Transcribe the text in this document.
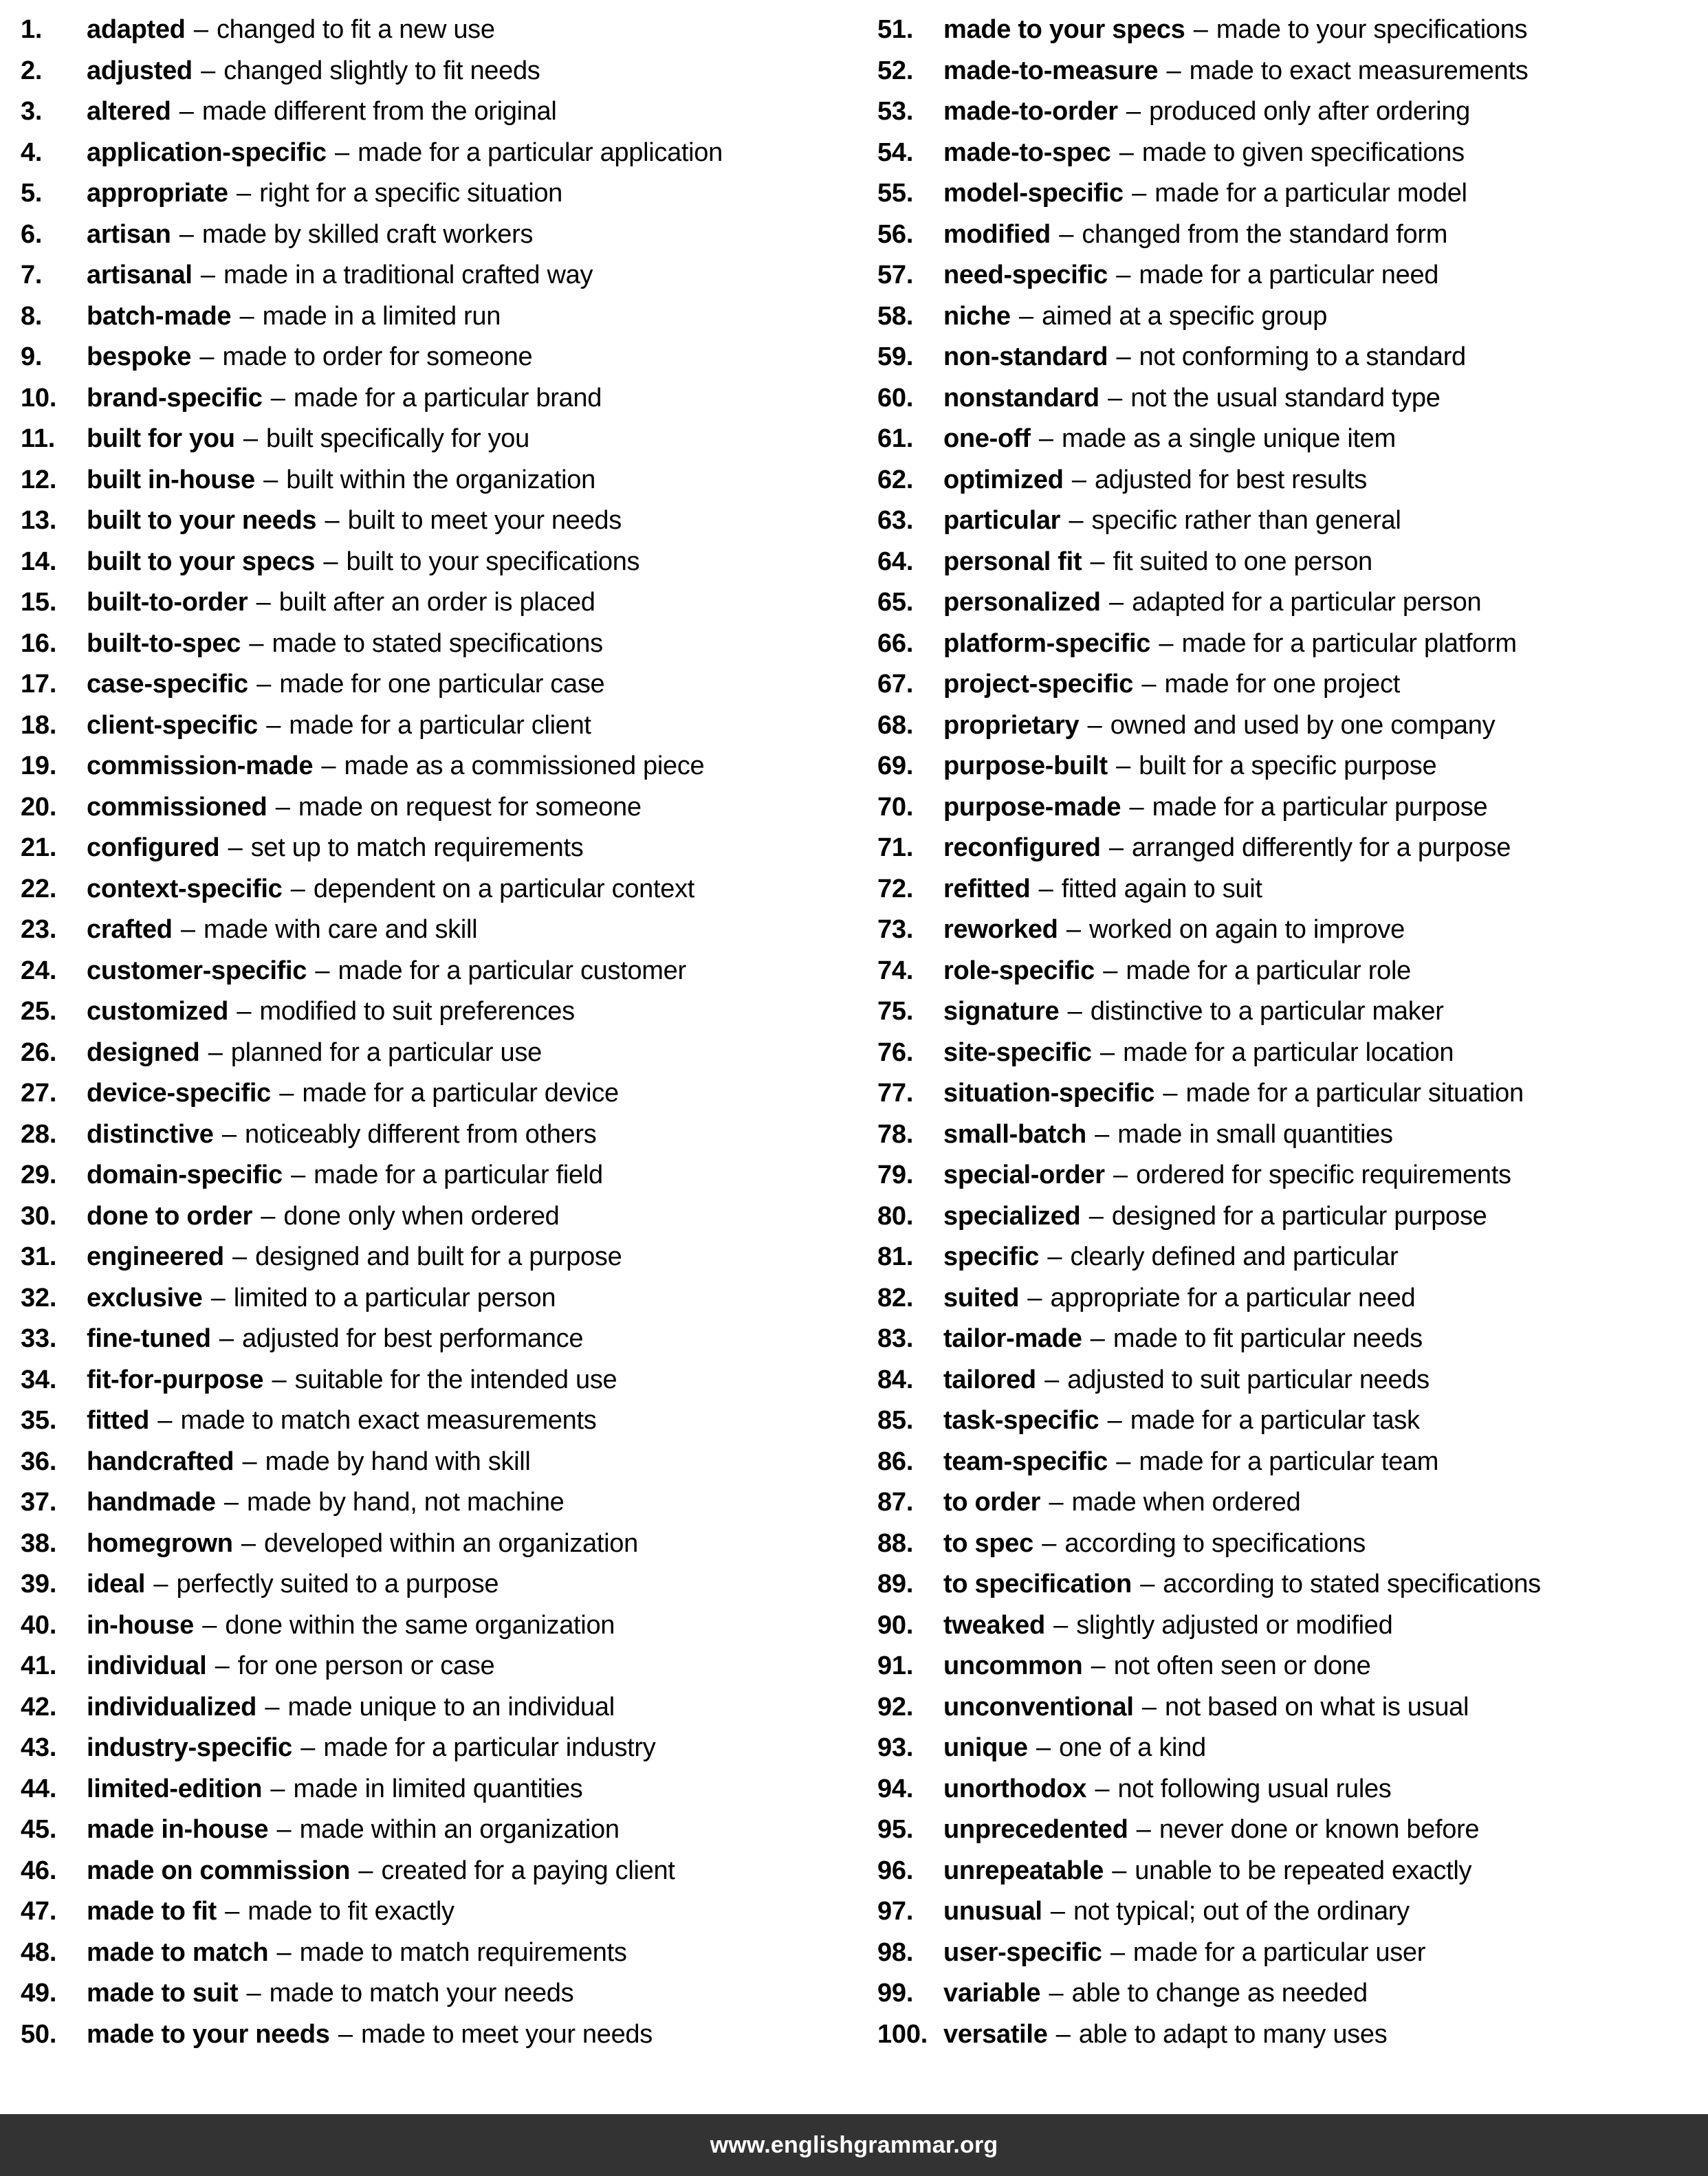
1.	adapted – changed to fit a new use
2.	adjusted – changed slightly to fit needs
3.	altered – made different from the original
4.	application-specific – made for a particular application
5.	appropriate – right for a specific situation
6.	artisan – made by skilled craft workers
7.	artisanal – made in a traditional crafted way
8.	batch-made – made in a limited run
9.	bespoke – made to order for someone
10.	brand-specific – made for a particular brand
11.	built for you – built specifically for you
12.	built in-house – built within the organization
13.	built to your needs – built to meet your needs
14.	built to your specs – built to your specifications
15.	built-to-order – built after an order is placed
16.	built-to-spec – made to stated specifications
17.	case-specific – made for one particular case
18.	client-specific – made for a particular client
19.	commission-made – made as a commissioned piece
20.	commissioned – made on request for someone
21.	configured – set up to match requirements
22.	context-specific – dependent on a particular context
23.	crafted – made with care and skill
24.	customer-specific – made for a particular customer
25.	customized – modified to suit preferences
26.	designed – planned for a particular use
27.	device-specific – made for a particular device
28.	distinctive – noticeably different from others
29.	domain-specific – made for a particular field
30.	done to order – done only when ordered
31.	engineered – designed and built for a purpose
32.	exclusive – limited to a particular person
33.	fine-tuned – adjusted for best performance
34.	fit-for-purpose – suitable for the intended use
35.	fitted – made to match exact measurements
36.	handcrafted – made by hand with skill
37.	handmade – made by hand, not machine
38.	homegrown – developed within an organization
39.	ideal – perfectly suited to a purpose
40.	in-house – done within the same organization
41.	individual – for one person or case
42.	individualized – made unique to an individual
43.	industry-specific – made for a particular industry
44.	limited-edition – made in limited quantities
45.	made in-house – made within an organization
46.	made on commission – created for a paying client
47.	made to fit – made to fit exactly
48.	made to match – made to match requirements
49.	made to suit – made to match your needs
50.	made to your needs – made to meet your needs
51.	made to your specs – made to your specifications
52.	made-to-measure – made to exact measurements
53.	made-to-order – produced only after ordering
54.	made-to-spec – made to given specifications
55.	model-specific – made for a particular model
56.	modified – changed from the standard form
57.	need-specific – made for a particular need
58.	niche – aimed at a specific group
59.	non-standard – not conforming to a standard
60.	nonstandard – not the usual standard type
61.	one-off – made as a single unique item
62.	optimized – adjusted for best results
63.	particular – specific rather than general
64.	personal fit – fit suited to one person
65.	personalized – adapted for a particular person
66.	platform-specific – made for a particular platform
67.	project-specific – made for one project
68.	proprietary – owned and used by one company
69.	purpose-built – built for a specific purpose
70.	purpose-made – made for a particular purpose
71.	reconfigured – arranged differently for a purpose
72.	refitted – fitted again to suit
73.	reworked – worked on again to improve
74.	role-specific – made for a particular role
75.	signature – distinctive to a particular maker
76.	site-specific – made for a particular location
77.	situation-specific – made for a particular situation
78.	small-batch – made in small quantities
79.	special-order – ordered for specific requirements
80.	specialized – designed for a particular purpose
81.	specific – clearly defined and particular
82.	suited – appropriate for a particular need
83.	tailor-made – made to fit particular needs
84.	tailored – adjusted to suit particular needs
85.	task-specific – made for a particular task
86.	team-specific – made for a particular team
87.	to order – made when ordered
88.	to spec – according to specifications
89.	to specification – according to stated specifications
90.	tweaked – slightly adjusted or modified
91.	uncommon – not often seen or done
92.	unconventional – not based on what is usual
93.	unique – one of a kind
94.	unorthodox – not following usual rules
95.	unprecedented – never done or known before
96.	unrepeatable – unable to be repeated exactly
97.	unusual – not typical; out of the ordinary
98.	user-specific – made for a particular user
99.	variable – able to change as needed
100. versatile – able to adapt to many uses
www.englishgrammar.org
